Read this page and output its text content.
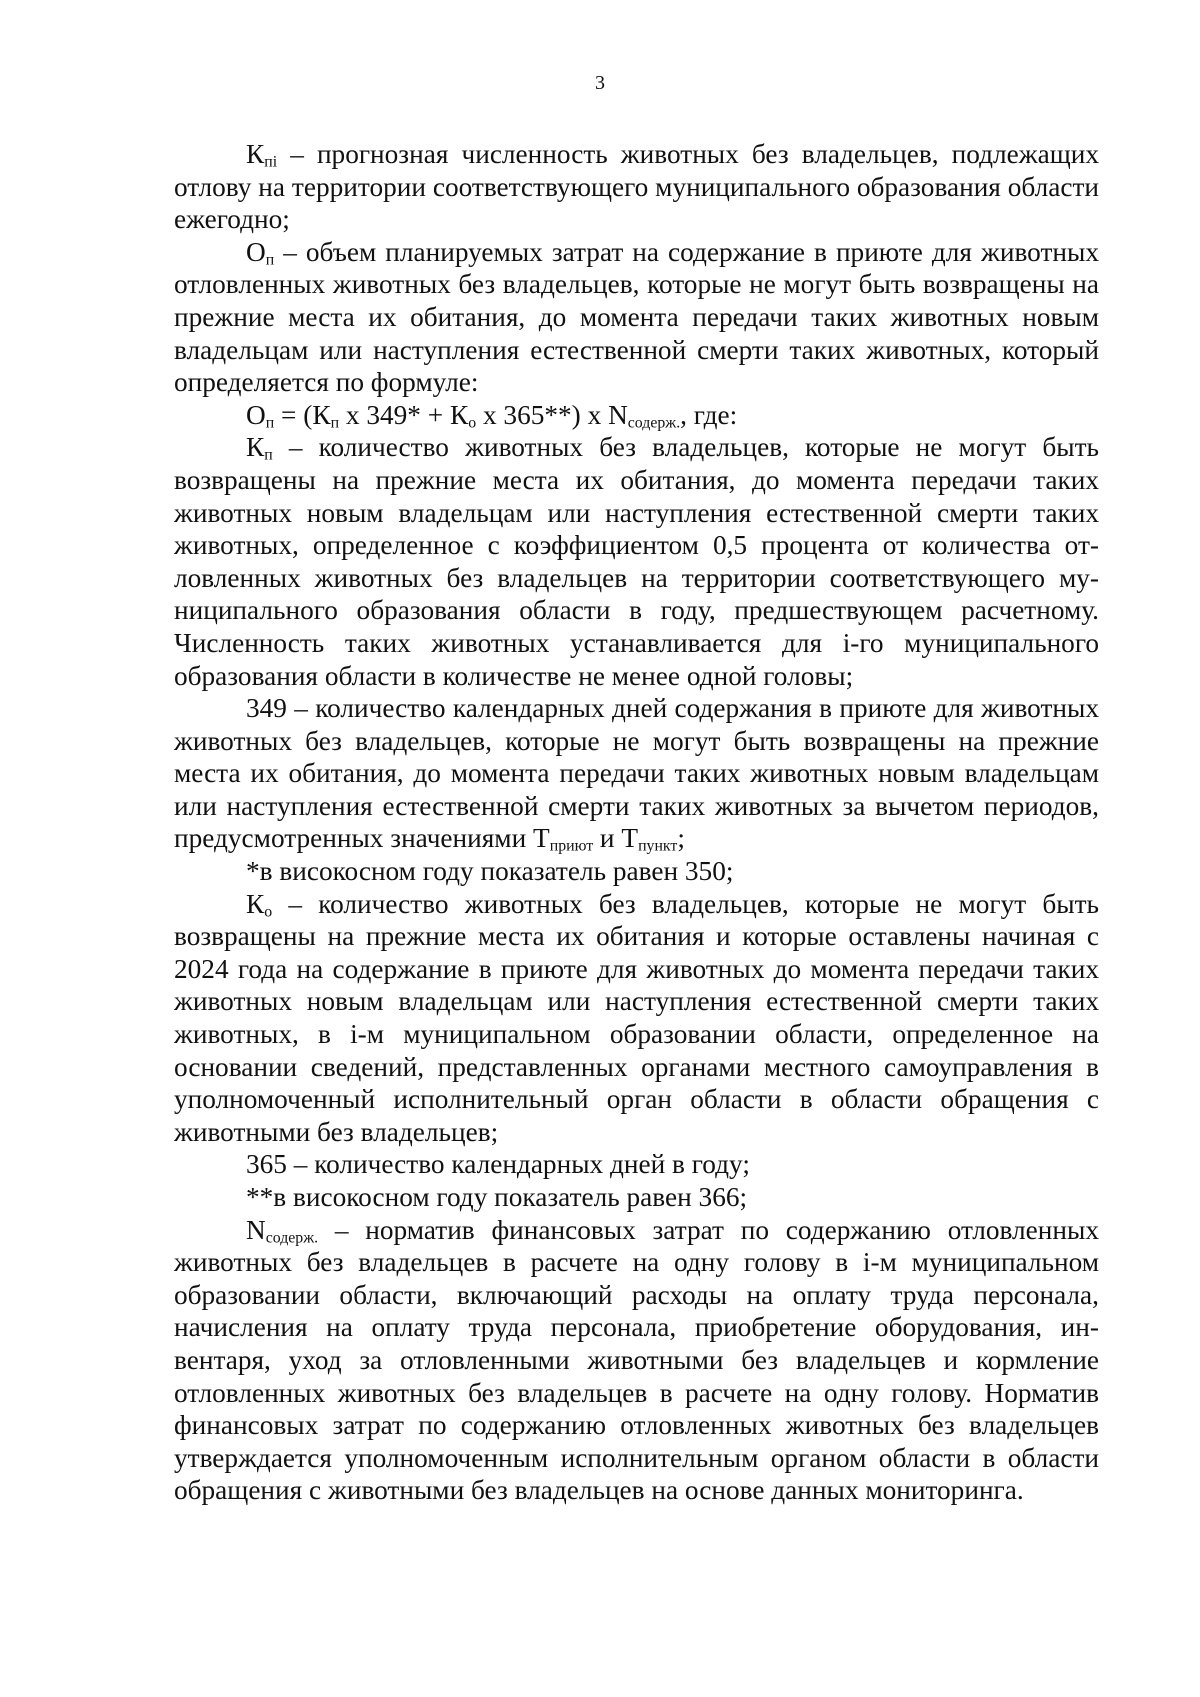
3

$К_{пi}$ – прогнозная численность животных без владельцев, подлежащих отлову на территории соответствующего муниципального образования области ежегодно;

$О_п$ – объем планируемых затрат на содержание в приюте для животных отловленных животных без владельцев, которые не могут быть возвращены на прежние места их обитания, до момента передачи таких животных новым владельцам или наступления естественной смерти таких животных, который определяется по формуле:

$О_п = (К_п$ x $349* + К_о$ x 365**) x $N_{содерж.}$, где:

$К_п$ – количество животных без владельцев, которые не могут быть возвращены на прежние места их обитания, до момента передачи таких животных новым владельцам или наступления естественной смерти таких животных, определенное с коэффициентом 0,5 процента от количества отловленных животных без владельцев на территории соответствующего муниципального образования области в году, предшествующем расчетному. Численность таких животных устанавливается для i-го муниципального образования области в количестве не менее одной головы;

349 – количество календарных дней содержания в приюте для животных животных без владельцев, которые не могут быть возвращены на прежние места их обитания, до момента передачи таких животных новым владельцам или наступления естественной смерти таких животных за вычетом периодов, предусмотренных значениями $Т_{приют}$ и $Т_{пункт}$;

*в високосном году показатель равен 350;

$К_о$ – количество животных без владельцев, которые не могут быть возвращены на прежние места их обитания и которые оставлены начиная с 2024 года на содержание в приюте для животных до момента передачи таких животных новым владельцам или наступления естественной смерти таких животных, в i-м муниципальном образовании области, определенное на основании сведений, представленных органами местного самоуправления в уполномоченный исполнительный орган области в области обращения с животными без владельцев;

365 – количество календарных дней в году;

**в високосном году показатель равен 366;

$N_{содерж.}$ – норматив финансовых затрат по содержанию отловленных животных без владельцев в расчете на одну голову в i-м муниципальном образовании области, включающий расходы на оплату труда персонала, начисления на оплату труда персонала, приобретение оборудования, инвентаря, уход за отловленными животными без владельцев и кормление отловленных животных без владельцев в расчете на одну голову. Норматив финансовых затрат по содержанию отловленных животных без владельцев утверждается уполномоченным исполнительным органом области в области обращения с животными без владельцев на основе данных мониторинга.
